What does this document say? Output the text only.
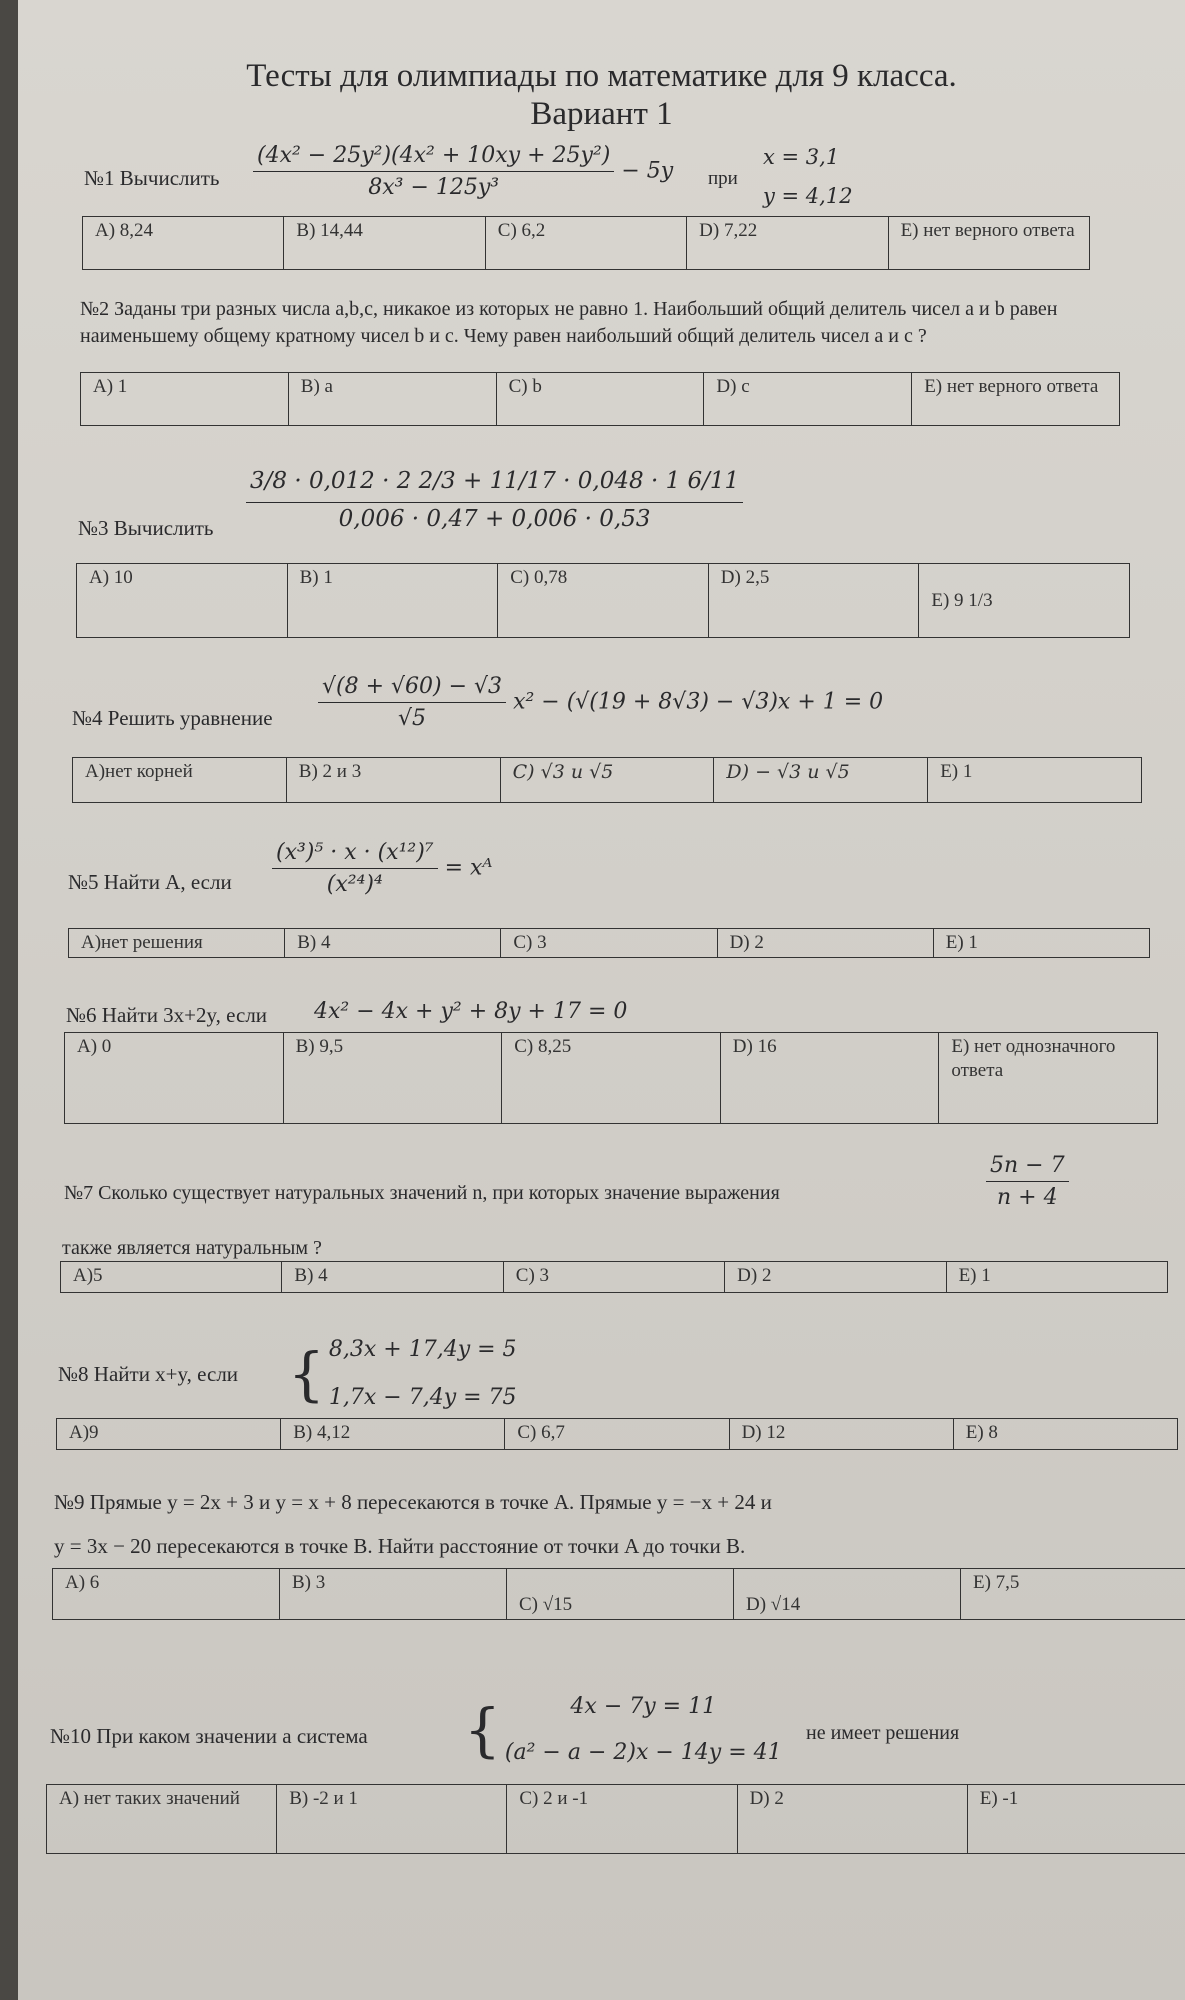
Тесты для олимпиады по математике для 9 класса.
Вариант 1
№1 Вычислить $\frac{\text{(4x² − 25y²)(4x² + 10xy + 25y²)}}{\text{8x³ − 125y³}} - 5y$ при
x = 3,1
y = 4,12
A) 8,24	B) 14,44	C) 6,2	D) 7,22	E) нет верного ответа
№2 Заданы три разных числа a,b,c, никакое из которых не равно 1. Наибольший общий делитель чисел a и b равен наименьшему общему кратному чисел b и c. Чему равен наибольший общий делитель чисел a и c ?
A) 1	B) a	C) b	D) c	E) нет верного ответа
№3 Вычислить $\frac{3/8 \cdot 0,012 \cdot 2 2/3 + 11/17 \cdot 0,048 \cdot 1 6/11}{0,006 \cdot 0,47 + 0,006 \cdot 0,53}$
A) 10	B) 1	C) 0,78	D) 2,5	E) 9 1/3
№4 Решить уравнение $\frac{√(8 + √60) - √3}{√5} x^2 - (√(19 + 8√3) - √3)x + 1 = 0$
A)нет корней	B) 2 и 3	C) √3 и √5	D) − √3 и √5	E) 1
№5 Найти A, если $\frac{\text{(x³)⁵ · x · (x¹²)⁷}}{\text{(x²⁴)⁴}}$ = xᴬ
A)нет решения	B) 4	C) 3	D) 2	E) 1
№6 Найти 3x+2y, если 4x² − 4x + y² + 8y + 17 = 0
A) 0	B) 9,5	C) 8,25	D) 16	E) нет однозначного ответа
№7 Сколько существует натуральных значений n, при которых значение выражения	$\frac{5n - 7}{n + 4}$
также является натуральным ?
A)5	B) 4	C) 3	D) 2	E) 1
№8 Найти x+y, если { 8,3x + 17,4y = 5
1,7x − 7,4y = 75
A)9	B) 4,12	C) 6,7	D) 12	E) 8
№9 Прямые y = 2x + 3 и y = x + 8 пересекаются в точке A. Прямые y = −x + 24 и
y = 3x − 20 пересекаются в точке B. Найти расстояние от точки A до точки B.
A) 6	B) 3	C) √15	D) √14	E) 7,5
№10 При каком значении a система {	4x − 7y = 11
(a² − a − 2)x − 14y = 41
не имеет решения
A) нет таких значений	B) -2 и 1	C) 2 и -1	D) 2	E) -1
